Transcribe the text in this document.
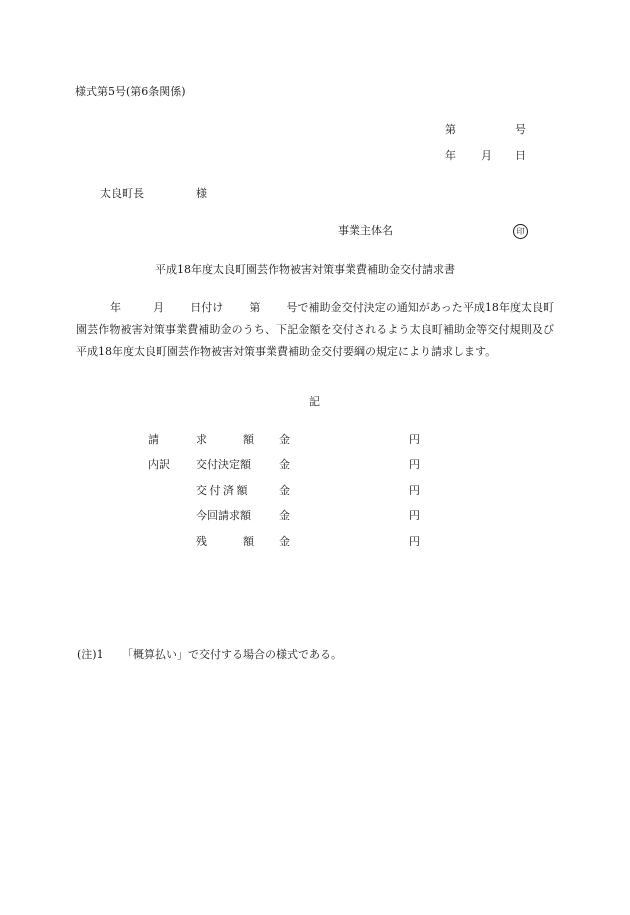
様式第5号(第6条関係)
第	号
年 月 日
太良町長	様
事業主体名	印
平成18年度太良町園芸作物被害対策事業費補助金交付請求書
年	月 日付け 第 号で補助金交付決定の通知があった平成18年度太良町園芸作物被害対策事業費補助金のうち、下記金額を交付されるよう太良町補助金等交付規則及び平成18年度太良町園芸作物被害対策事業費補助金交付要綱の規定により請求します。
記
請	求	額 金	円
内訳 交付決定額	金	円
交 付 済 額	金	円
今回請求額	金	円
残	額 金	円
(注)1 「概算払い」で交付する場合の様式である。
